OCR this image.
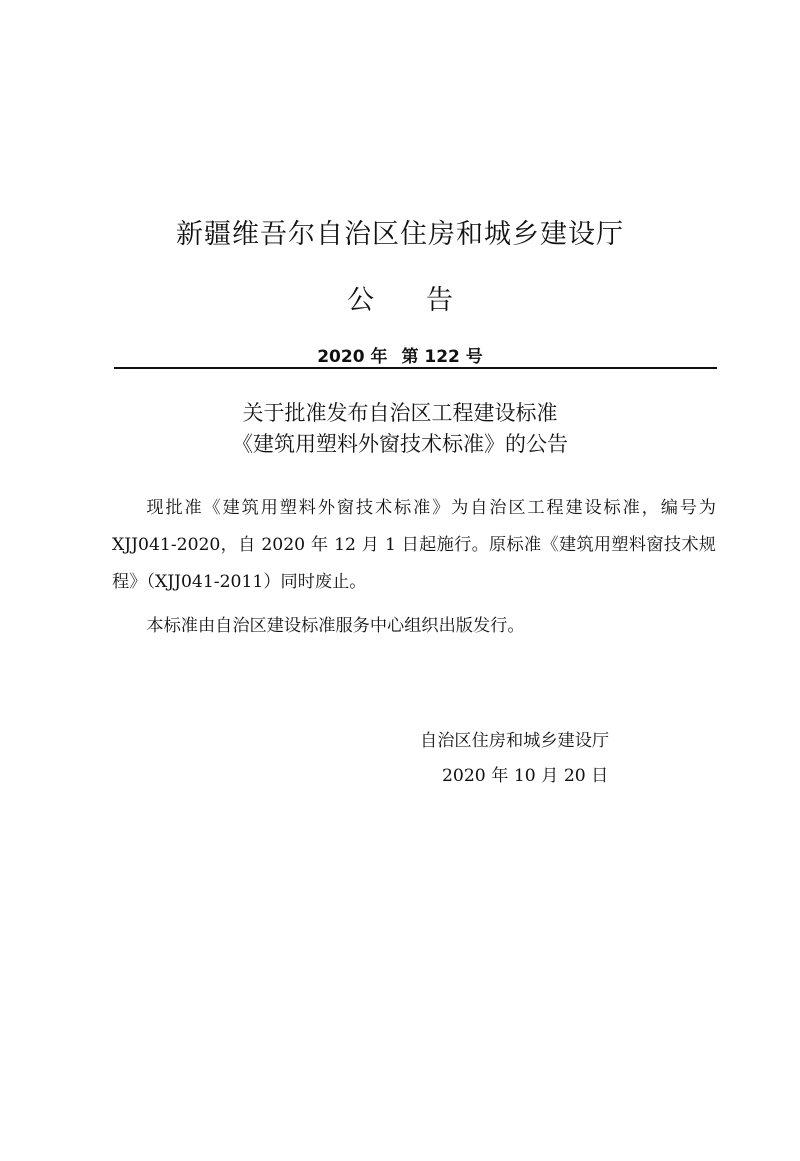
新疆维吾尔自治区住房和城乡建设厅
公 告
2020 年 第 122 号
关于批准发布自治区工程建设标准
《建筑用塑料外窗技术标准》的公告

现批准《建筑用塑料外窗技术标准》为自治区工程建设标准，编号为 XJJ041-2020，自 2020 年 12 月 1 日起施行。原标准《建筑用塑料窗技术规程》（XJJ041-2011）同时废止。

本标准由自治区建设标准服务中心组织出版发行。

自治区住房和城乡建设厅
2020 年 10 月 20 日
